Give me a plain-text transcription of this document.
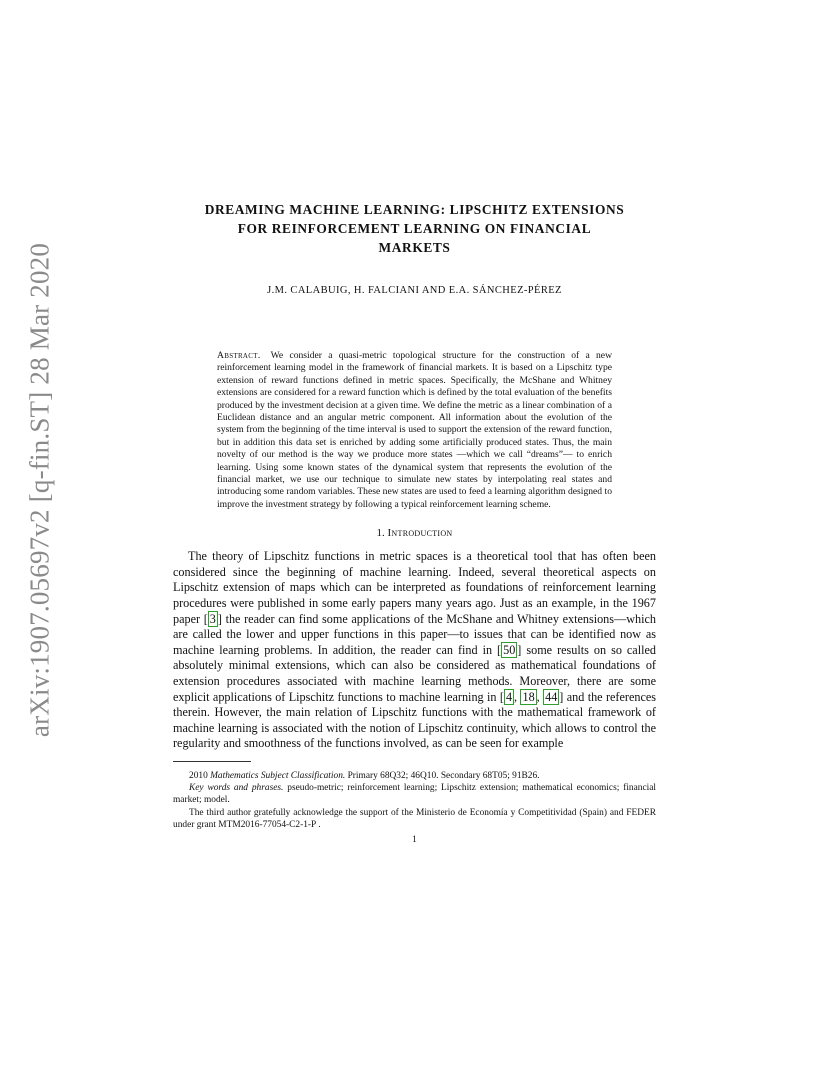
arXiv:1907.05697v2 [q-fin.ST] 28 Mar 2020
DREAMING MACHINE LEARNING: LIPSCHITZ EXTENSIONS
FOR REINFORCEMENT LEARNING ON FINANCIAL
MARKETS
J.M. CALABUIG, H. FALCIANI AND E.A. SÁNCHEZ-PÉREZ
Abstract. We consider a quasi-metric topological structure for the construction of a new reinforcement learning model in the framework of financial markets. It is based on a Lipschitz type extension of reward functions defined in metric spaces. Specifically, the McShane and Whitney extensions are considered for a reward function which is defined by the total evaluation of the benefits produced by the investment decision at a given time. We define the metric as a linear combination of a Euclidean distance and an angular metric component. All information about the evolution of the system from the beginning of the time interval is used to support the extension of the reward function, but in addition this data set is enriched by adding some artificially produced states. Thus, the main novelty of our method is the way we produce more states —which we call “dreams”— to enrich learning. Using some known states of the dynamical system that represents the evolution of the financial market, we use our technique to simulate new states by interpolating real states and introducing some random variables. These new states are used to feed a learning algorithm designed to improve the investment strategy by following a typical reinforcement learning scheme.
1. Introduction
The theory of Lipschitz functions in metric spaces is a theoretical tool that has often been considered since the beginning of machine learning. Indeed, several theoretical aspects on Lipschitz extension of maps which can be interpreted as foundations of reinforcement learning procedures were published in some early papers many years ago. Just as an example, in the 1967 paper [ 3 ] the reader can find some applications of the McShane and Whitney extensions—which are called the lower and upper functions in this paper—to issues that can be identified now as machine learning problems. In addition, the reader can find in [ 50 ] some results on so called absolutely minimal extensions, which can also be considered as mathematical foundations of extension procedures associated with machine learning methods. Moreover, there are some explicit applications of Lipschitz functions to machine learning in [ 4 , 18 , 44 ] and the references therein. However, the main relation of Lipschitz functions with the mathematical framework of machine learning is associated with the notion of Lipschitz continuity, which allows to control the regularity and smoothness of the functions involved, as can be seen for example

2010 Mathematics Subject Classification. Primary 68Q32; 46Q10. Secondary 68T05; 91B26.

Key words and phrases. pseudo-metric; reinforcement learning; Lipschitz extension; mathematical economics; financial market; model.

The third author gratefully acknowledge the support of the Ministerio de Economía y Competitividad (Spain) and FEDER under grant MTM2016-77054-C2-1-P .

1
